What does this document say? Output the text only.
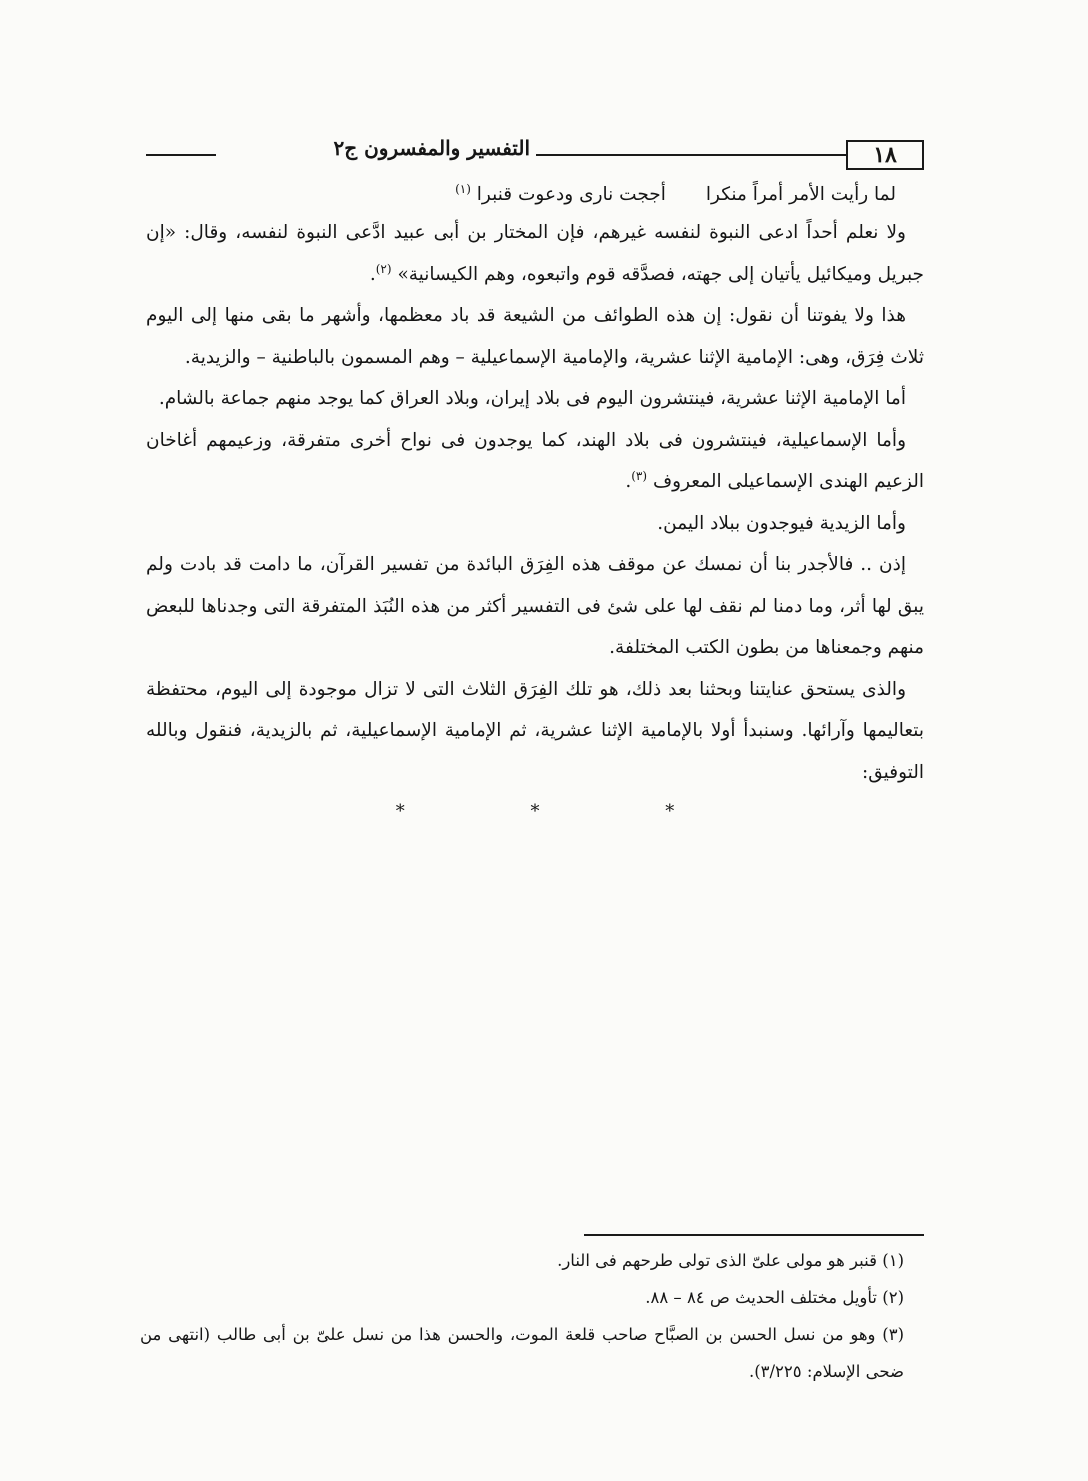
١٨
التفسير والمفسرون ج٢

لما رأيت الأمر أمراً منكرا
أججت نارى ودعوت قنبرا $^{(١)}$

ولا نعلم أحداً ادعى النبوة لنفسه غيرهم، فإن المختار بن أبى عبيد ادَّعى النبوة لنفسه، وقال: «إن جبريل وميكائيل يأتيان إلى جهته، فصدَّقه قوم واتبعوه، وهم الكيسانية» $^{(٢)}$.

هذا ولا يفوتنا أن نقول: إن هذه الطوائف من الشيعة قد باد معظمها، وأشهر ما بقى منها إلى اليوم ثلاث فِرَق، وهى: الإمامية الإثنا عشرية، والإمامية الإسماعيلية – وهم المسمون بالباطنية – والزيدية.

أما الإمامية الإثنا عشرية، فينتشرون اليوم فى بلاد إيران، وبلاد العراق كما يوجد منهم جماعة بالشام.

وأما الإسماعيلية، فينتشرون فى بلاد الهند، كما يوجدون فى نواح أخرى متفرقة، وزعيمهم أغاخان الزعيم الهندى الإسماعيلى المعروف $^{(٣)}$.

وأما الزيدية فيوجدون ببلاد اليمن.

إذن .. فالأجدر بنا أن نمسك عن موقف هذه الفِرَق البائدة من تفسير القرآن، ما دامت قد بادت ولم يبق لها أثر، وما دمنا لم نقف لها على شئ فى التفسير أكثر من هذه النُبَذ المتفرقة التى وجدناها للبعض منهم وجمعناها من بطون الكتب المختلفة.

والذى يستحق عنايتنا وبحثنا بعد ذلك، هو تلك الفِرَق الثلاث التى لا تزال موجودة إلى اليوم، محتفظة بتعاليمها وآرائها. وسنبدأ أولا بالإمامية الإثنا عشرية، ثم الإمامية الإسماعيلية، ثم بالزيدية، فنقول وبالله التوفيق:

* * *

(١) قنبر هو مولى علىّ الذى تولى طرحهم فى النار.

(٢) تأويل مختلف الحديث ص ٨٤ – ٨٨.

(٣) وهو من نسل الحسن بن الصبَّاح صاحب قلعة الموت، والحسن هذا من نسل علىّ بن أبى طالب (انتهى من ضحى الإسلام: ٣/٢٢٥).
